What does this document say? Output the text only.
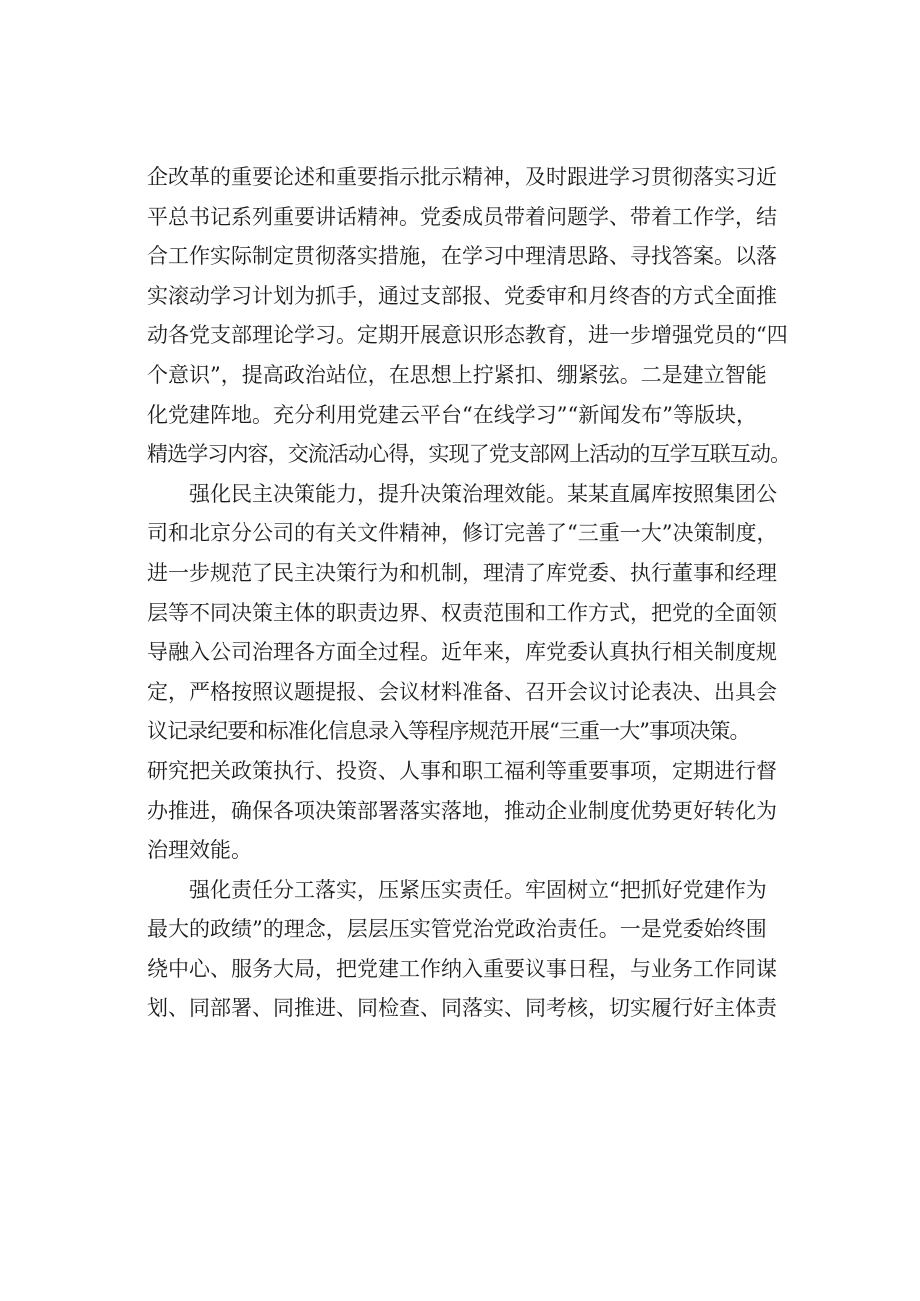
企改革的重要论述和重要指示批示精神，及时跟进学习贯彻落实习近
平总书记系列重要讲话精神。党委成员带着问题学、带着工作学，结
合工作实际制定贯彻落实措施，在学习中理清思路、寻找答案。以落
实滚动学习计划为抓手，通过支部报、党委审和月终杳的方式全面推
动各党支部理论学习。定期开展意识形态教育，进一步增强党员的“四
个意识”，提高政治站位，在思想上拧紧扣、绷紧弦。二是建立智能
化党建阵地。充分利用党建云平台“在线学习”“新闻发布”等版块，
精选学习内容，交流活动心得，实现了党支部网上活动的互学互联互动。
强化民主决策能力，提升决策治理效能。某某直属库按照集团公
司和北京分公司的有关文件精神，修订完善了“三重一大”决策制度，
进一步规范了民主决策行为和机制，理清了库党委、执行董事和经理
层等不同决策主体的职责边界、权责范围和工作方式，把党的全面领
导融入公司治理各方面全过程。近年来，库党委认真执行相关制度规
定，严格按照议题提报、会议材料准备、召开会议讨论表决、出具会
议记录纪要和标准化信息录入等程序规范开展“三重一大”事项决策。
研究把关政策执行、投资、人事和职工福利等重要事项，定期进行督
办推进，确保各项决策部署落实落地，推动企业制度优势更好转化为
治理效能。
强化责任分工落实，压紧压实责任。牢固树立“把抓好党建作为
最大的政绩”的理念，层层压实管党治党政治责任。一是党委始终围
绕中心、服务大局，把党建工作纳入重要议事日程，与业务工作同谋
划、同部署、同推进、同检查、同落实、同考核，切实履行好主体责
